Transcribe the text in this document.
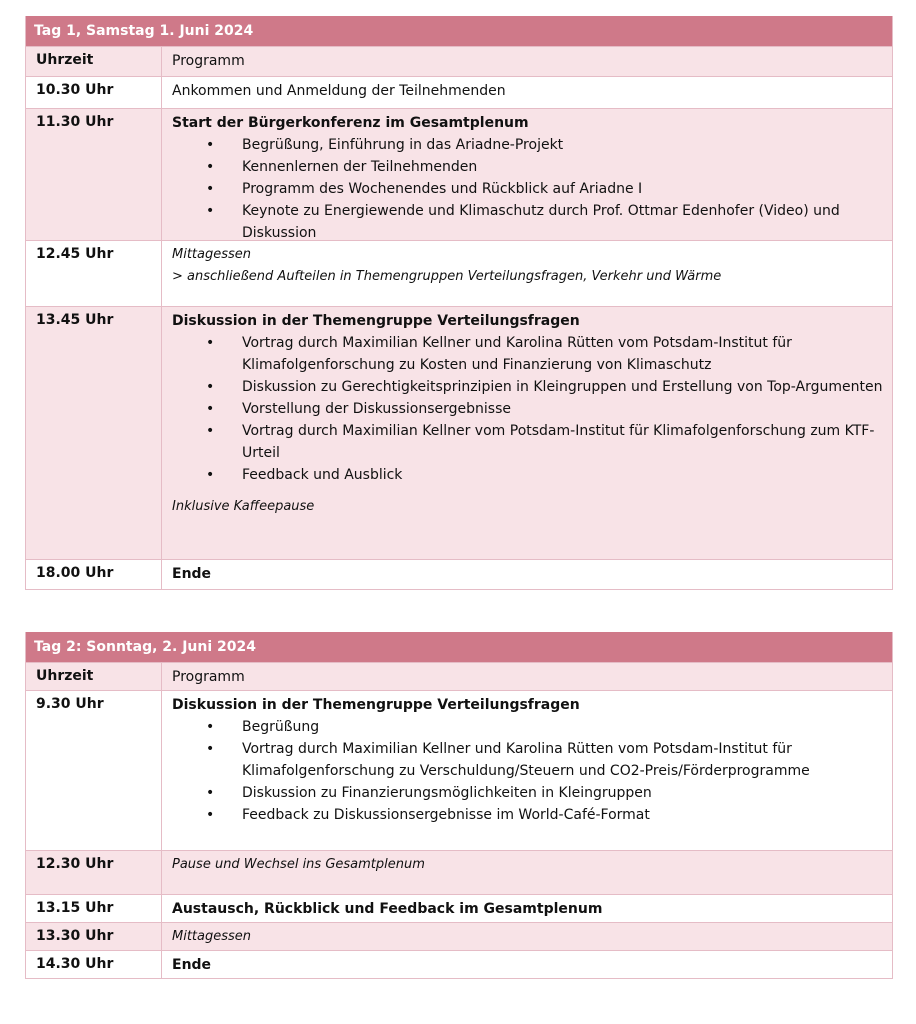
Tag 1, Samstag 1. Juni 2024
Uhrzeit	Programm
10.30 Uhr	Ankommen und Anmeldung der Teilnehmenden
11.30 Uhr	Start der Bürgerkonferenz im Gesamtplenum
• Begrüßung, Einführung in das Ariadne-Projekt
• Kennenlernen der Teilnehmenden
• Programm des Wochenendes und Rückblick auf Ariadne I
• Keynote zu Energiewende und Klimaschutz durch Prof. Ottmar Edenhofer (Video) und Diskussion
12.45 Uhr	Mittagessen
> anschließend Aufteilen in Themengruppen Verteilungsfragen, Verkehr und Wärme
13.45 Uhr	Diskussion in der Themengruppe Verteilungsfragen
• Vortrag durch Maximilian Kellner und Karolina Rütten vom Potsdam-Institut für Klimafolgenforschung zu Kosten und Finanzierung von Klimaschutz
• Diskussion zu Gerechtigkeitsprinzipien in Kleingruppen und Erstellung von Top-Argumenten
• Vorstellung der Diskussionsergebnisse
• Vortrag durch Maximilian Kellner vom Potsdam-Institut für Klimafolgenforschung zum KTF-Urteil
• Feedback und Ausblick
Inklusive Kaffeepause
18.00 Uhr	Ende
Tag 2: Sonntag, 2. Juni 2024
Uhrzeit	Programm
9.30 Uhr	Diskussion in der Themengruppe Verteilungsfragen
• Begrüßung
• Vortrag durch Maximilian Kellner und Karolina Rütten vom Potsdam-Institut für Klimafolgenforschung zu Verschuldung/Steuern und CO2-Preis/Förderprogramme
• Diskussion zu Finanzierungsmöglichkeiten in Kleingruppen
• Feedback zu Diskussionsergebnisse im World-Café-Format
12.30 Uhr	Pause und Wechsel ins Gesamtplenum
13.15 Uhr	Austausch, Rückblick und Feedback im Gesamtplenum
13.30 Uhr	Mittagessen
14.30 Uhr	Ende
